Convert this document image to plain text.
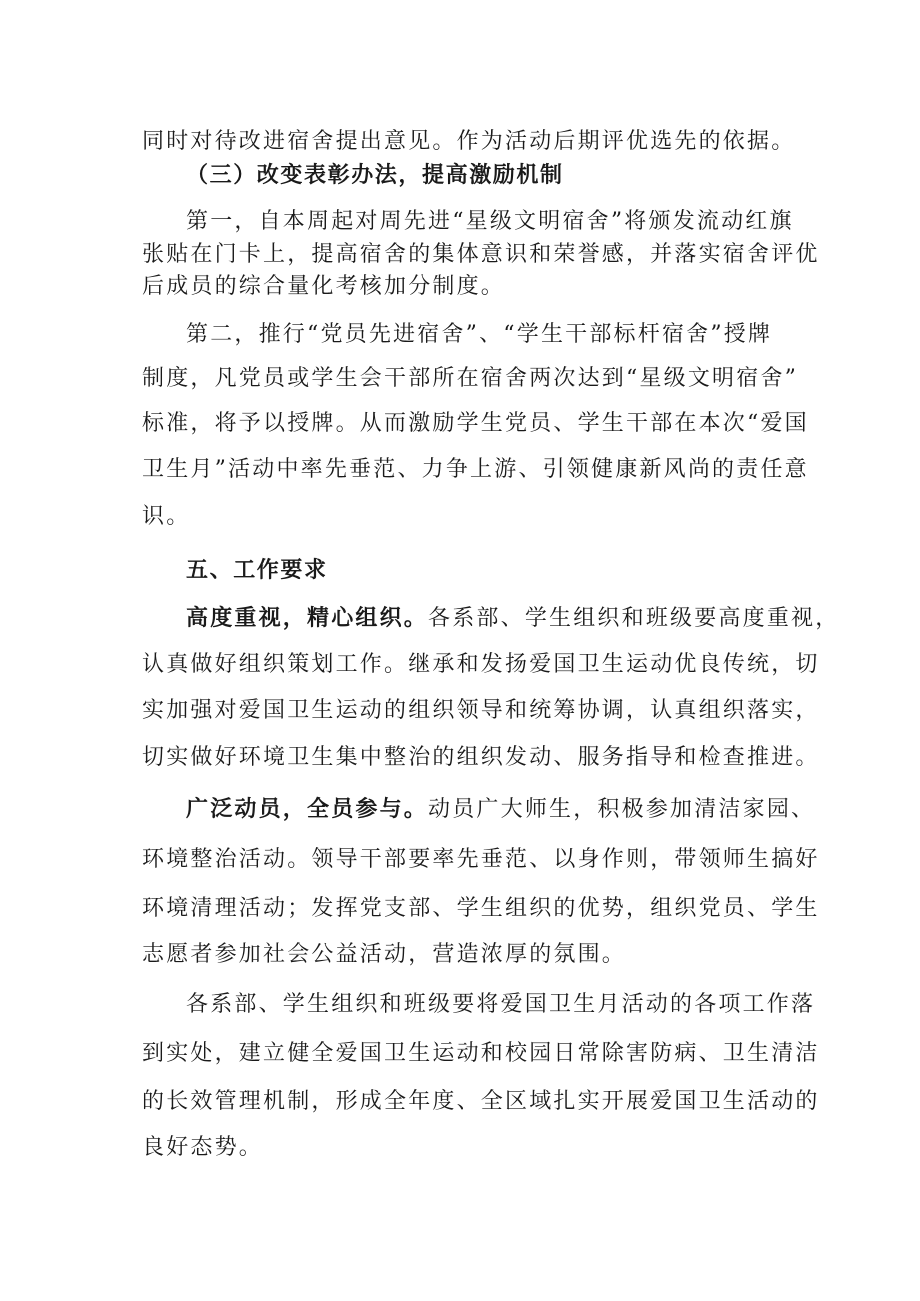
同时对待改进宿舍提出意见。作为活动后期评优选先的依据。
（三）改变表彰办法，提高激励机制
第一，自本周起对周先进“星级文明宿舍”将颁发流动红旗
张贴在门卡上，提高宿舍的集体意识和荣誉感，并落实宿舍评优
后成员的综合量化考核加分制度。
第二，推行“党员先进宿舍”、“学生干部标杆宿舍”授牌
制度，凡党员或学生会干部所在宿舍两次达到“星级文明宿舍”
标准，将予以授牌。从而激励学生党员、学生干部在本次“爱国
卫生月”活动中率先垂范、力争上游、引领健康新风尚的责任意
识。
五、工作要求
高度重视，精心组织。各系部、学生组织和班级要高度重视，
认真做好组织策划工作。继承和发扬爱国卫生运动优良传统，切
实加强对爱国卫生运动的组织领导和统筹协调，认真组织落实，
切实做好环境卫生集中整治的组织发动、服务指导和检查推进。
广泛动员，全员参与。动员广大师生，积极参加清洁家园、
环境整治活动。领导干部要率先垂范、以身作则，带领师生搞好
环境清理活动；发挥党支部、学生组织的优势，组织党员、学生
志愿者参加社会公益活动，营造浓厚的氛围。
各系部、学生组织和班级要将爱国卫生月活动的各项工作落
到实处，建立健全爱国卫生运动和校园日常除害防病、卫生清洁
的长效管理机制，形成全年度、全区域扎实开展爱国卫生活动的
良好态势。
